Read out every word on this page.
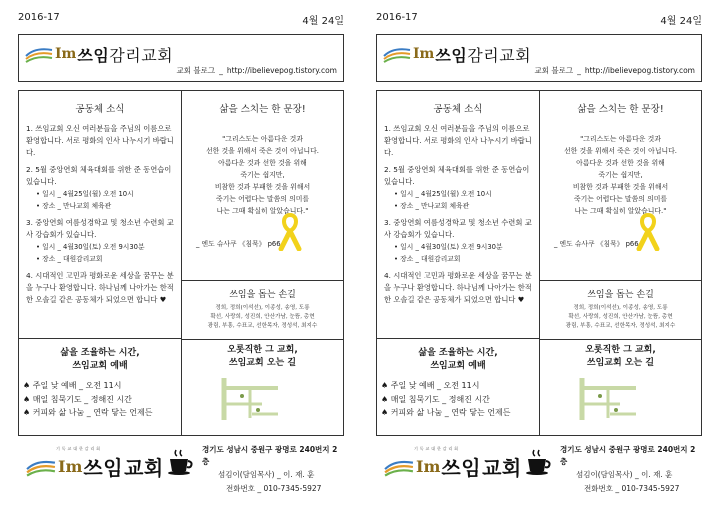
2016-17	4월 24일
Im 쓰임감리교회
교회 블로그 _ http://ibelievepog.tistory.com
공동체 소식
1. 쓰임교회 오신 여러분들을 주님의 이름으로 환영합니다. 서로 평화의 인사 나누시기 바랍니다.
2. 5월 중앙연회 체육대회를 위한 준 동연습이 있습니다.
• 일시 _ 4월25일(월) 오전 10시
• 장소 _ 만나교회 체육관
3. 중앙연회 여름성경학교 및 청소년 수련회 교사 강습회가 있습니다.
• 일시 _ 4월30일(토) 오전 9시30분
• 장소 _ 대원감리교회
4. 시대적인 고민과 평화로운 세상을 꿈꾸는 분을 누구나 환영합니다. 하나님께 나아가는 한적한 오솔길 같은 공동체가 되었으면 합니다 ♥
삶을 스치는 한 문장!
"그리스도는 아름다운 것과
선한 것을 위해서 죽은 것이 아닙니다.
아름다운 것과 선한 것을 위해
죽기는 쉽지만,
비참한 것과 부패한 것을 위해서
죽기는 어렵다는 말씀의 의미를
나는 그때 확실히 알았습니다."
_ 엔도 슈사쿠 《침묵》 p66
쓰임을 돕는 손길
정희, 정희(이석선), 이종성, 송영, 도롱
확선, 사랑희, 성진희, 안산가남, 눈뜸, 총현
광림, 부흥, 수표교, 선한목자, 정성석, 최지수
삶을 조율하는 시간,
쓰임교회 예배
♠ 주일 낮 예배 _ 오전 11시
♠ 매일 침묵기도 _ 정해진 시간
♠ 커피와 삶 나눔 _ 연락 닿는 언제든
오롯직한 그 교회,
쓰임교회 오는 길
기 독 교 대 한 감 리 회
Im 쓰임 교회
경기도 성남시 중원구 광명로 240번지 2층
섬김이(담임목사) _ 이. 재. 훈
전화번호 _ 010-7345-5927
2016-17	4월 24일
Im 쓰임감리교회
교회 블로그 _ http://ibelievepog.tistory.com
공동체 소식
1. 쓰임교회 오신 여러분들을 주님의 이름으로 환영합니다. 서로 평화의 인사 나누시기 바랍니다.
2. 5월 중앙연회 체육대회를 위한 준 동연습이 있습니다.
• 일시 _ 4월25일(월) 오전 10시
• 장소 _ 만나교회 체육관
3. 중앙연회 여름성경학교 및 청소년 수련회 교사 강습회가 있습니다.
• 일시 _ 4월30일(토) 오전 9시30분
• 장소 _ 대원감리교회
4. 시대적인 고민과 평화로운 세상을 꿈꾸는 분을 누구나 환영합니다. 하나님께 나아가는 한적한 오솔길 같은 공동체가 되었으면 합니다 ♥
삶을 스치는 한 문장!
"그리스도는 아름다운 것과
선한 것을 위해서 죽은 것이 아닙니다.
아름다운 것과 선한 것을 위해
죽기는 쉽지만,
비참한 것과 부패한 것을 위해서
죽기는 어렵다는 말씀의 의미를
나는 그때 확실히 알았습니다."
_ 엔도 슈사쿠 《침묵》 p66
쓰임을 돕는 손길
정희, 정희(이석선), 이종성, 송영, 도롱
확선, 사랑희, 성진희, 안산가남, 눈뜸, 총현
광림, 부흥, 수표교, 선한목자, 정성석, 최지수
삶을 조율하는 시간,
쓰임교회 예배
♠ 주일 낮 예배 _ 오전 11시
♠ 매일 침묵기도 _ 정해진 시간
♠ 커피와 삶 나눔 _ 연락 닿는 언제든
오롯직한 그 교회,
쓰임교회 오는 길
기 독 교 대 한 감 리 회
Im 쓰임 교회
경기도 성남시 중원구 광명로 240번지 2층
섬김이(담임목사) _ 이. 재. 훈
전화번호 _ 010-7345-5927
